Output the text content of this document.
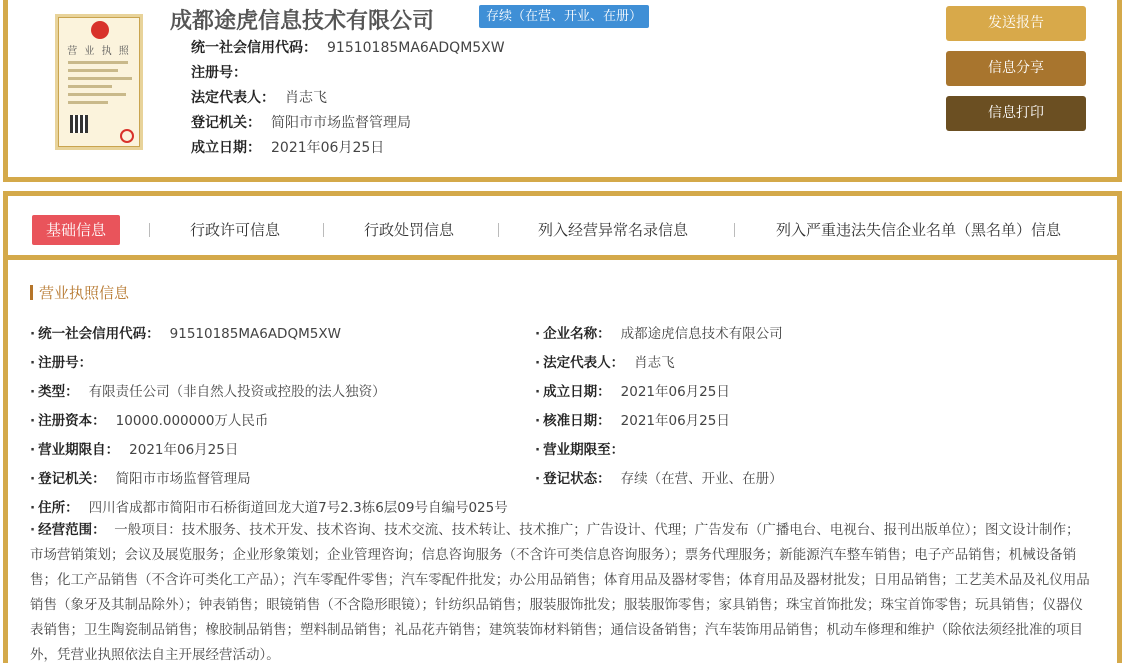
营 业 执 照
成都途虎信息技术有限公司	存续（在营、开业、在册）
统一社会信用代码： 91510185MA6ADQM5XW
注册号：
法定代表人： 肖志飞
登记机关： 简阳市市场监督管理局
成立日期： 2021年06月25日
发送报告
信息分享
信息打印
基础信息	行政许可信息	行政处罚信息	列入经营异常名录信息	列入严重违法失信企业名单（黑名单）信息
营业执照信息
· 统一社会信用代码： 91510185MA6ADQM5XW
· 注册号：
· 类型： 有限责任公司（非自然人投资或控股的法人独资）
· 注册资本： 10000.000000万人民币
· 营业期限自： 2021年06月25日
· 登记机关： 简阳市市场监督管理局
· 住所： 四川省成都市简阳市石桥街道回龙大道7号2.3栋6层09号自编号025号
· 企业名称： 成都途虎信息技术有限公司
· 法定代表人： 肖志飞
· 成立日期： 2021年06月25日
· 核准日期： 2021年06月25日
· 营业期限至：
· 登记状态： 存续（在营、开业、在册）
· 经营范围： 一般项目：技术服务、技术开发、技术咨询、技术交流、技术转让、技术推广；广告设计、代理；广告发布（广播电台、电视台、报刊出版单位）；图文设计制作；市场营销策划；会议及展览服务；企业形象策划；企业管理咨询；信息咨询服务（不含许可类信息咨询服务）；票务代理服务；新能源汽车整车销售；电子产品销售；机械设备销售；化工产品销售（不含许可类化工产品）；汽车零配件零售；汽车零配件批发；办公用品销售；体育用品及器材零售；体育用品及器材批发；日用品销售；工艺美术品及礼仪用品销售（象牙及其制品除外）；钟表销售；眼镜销售（不含隐形眼镜）；针纺织品销售；服装服饰批发；服装服饰零售；家具销售；珠宝首饰批发；珠宝首饰零售；玩具销售；仪器仪表销售；卫生陶瓷制品销售；橡胶制品销售；塑料制品销售；礼品花卉销售；建筑装饰材料销售；通信设备销售；汽车装饰用品销售；机动车修理和维护（除依法须经批准的项目外，凭营业执照依法自主开展经营活动）。
